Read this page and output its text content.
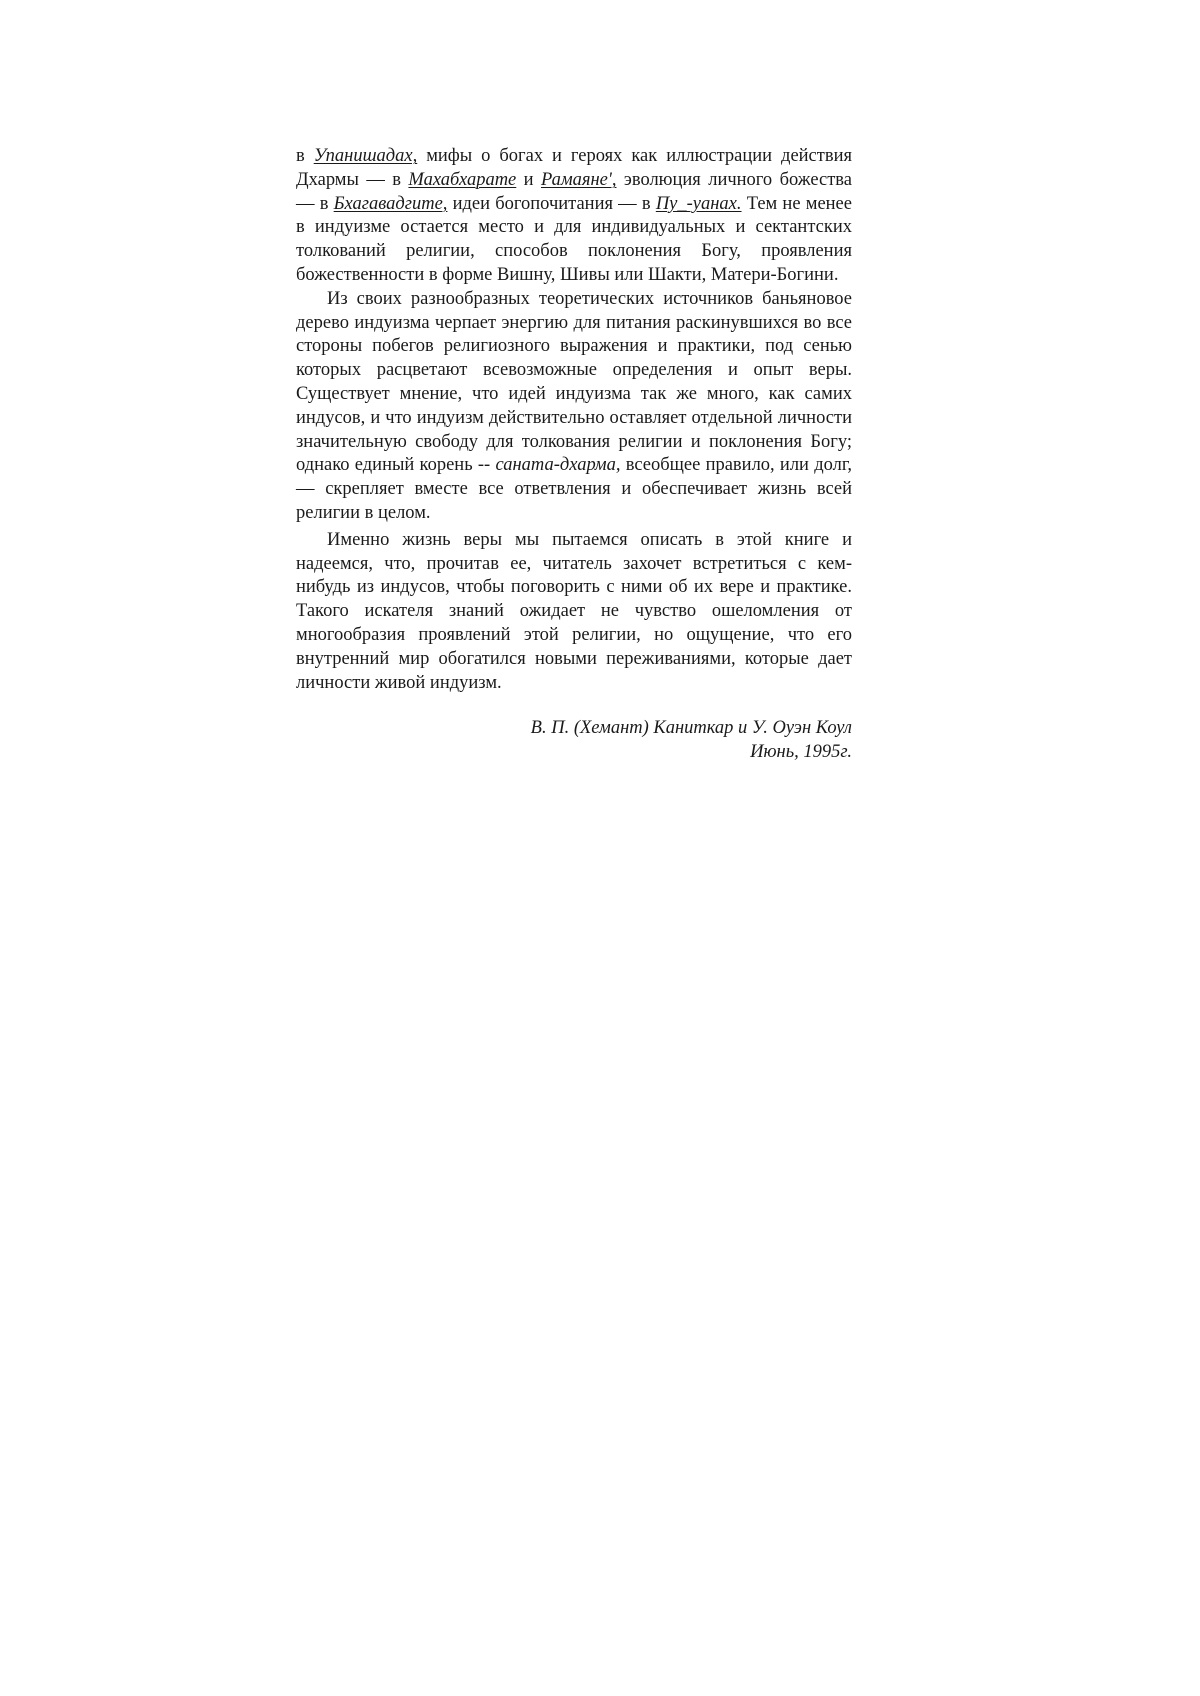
в Упанишадах, мифы о богах и героях как иллюстрации действия Дхармы — в Махабхарате и Рамаяне', эволюция личного божества — в Бхагавадгите, идеи богопочитания — в Пу_-уанах. Тем не менее в индуизме остается место и для индивидуальных и сектантских толкований религии, способов поклонения Богу, проявления божественности в форме Вишну, Шивы или Шакти, Матери-Богини.

Из своих разнообразных теоретических источников баньяновое дерево индуизма черпает энергию для питания раскинувшихся во все стороны побегов религиозного выражения и практики, под сенью которых расцветают всевозможные определения и опыт веры. Существует мнение, что идей индуизма так же много, как самих индусов, и что индуизм действительно оставляет отдельной личности значительную свободу для толкования религии и поклонения Богу; однако единый корень -- саната-дхарма, всеобщее правило, или долг, — скрепляет вместе все ответвления и обеспечивает жизнь всей религии в целом.

Именно жизнь веры мы пытаемся описать в этой книге и надеемся, что, прочитав ее, читатель захочет встретиться с кем-нибудь из индусов, чтобы поговорить с ними об их вере и практике. Такого искателя знаний ожидает не чувство ошеломления от многообразия проявлений этой религии, но ощущение, что его внутренний мир обогатился новыми переживаниями, которые дает личности живой индуизм.

В. П. (Хемант) Каниткар и У. Оуэн Коул
Июнь, 1995г.
